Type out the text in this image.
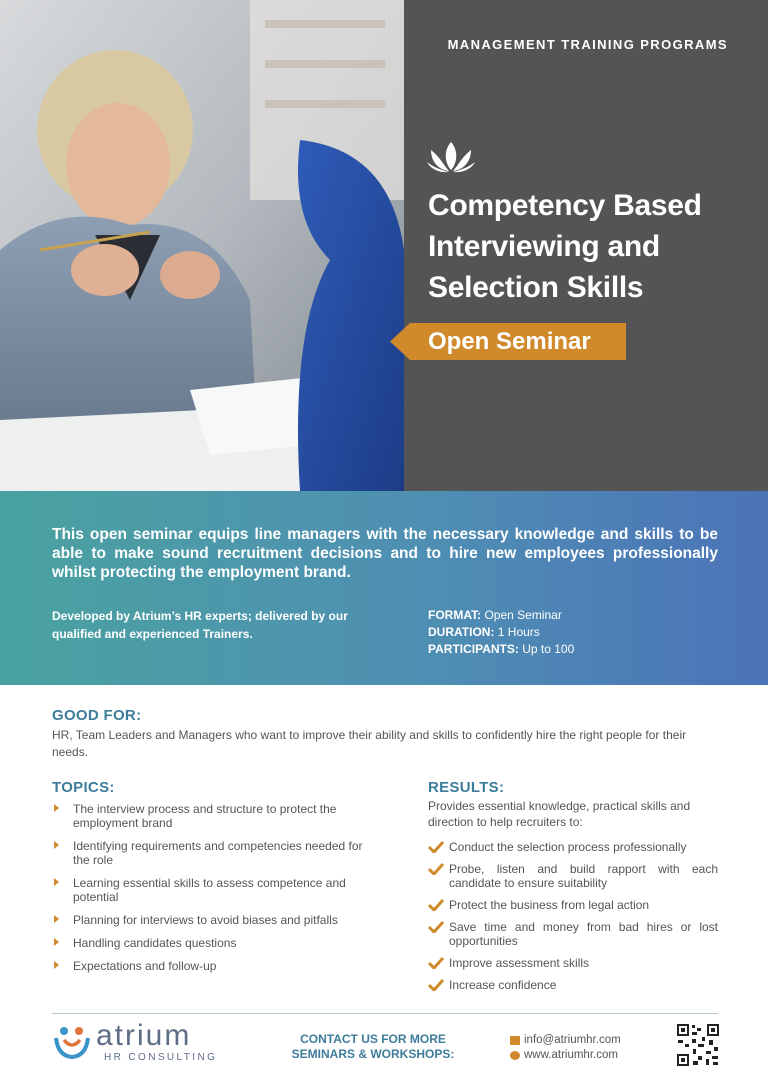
MANAGEMENT TRAINING PROGRAMS
Competency Based Interviewing and Selection Skills
Open Seminar
This open seminar equips line managers with the necessary knowledge and skills to be able to make sound recruitment decisions and to hire new employees professionally whilst protecting the employment brand.
Developed by Atrium’s HR experts; delivered by our qualified and experienced Trainers.
FORMAT: Open Seminar
DURATION: 1 Hours
PARTICIPANTS: Up to 100
GOOD FOR:
HR, Team Leaders and Managers who want to improve their ability and skills to confidently hire the right people for their needs.
TOPICS:
The interview process and structure to protect the employment brand
Identifying requirements and competencies needed for the role
Learning essential skills to assess competence and potential
Planning for interviews to avoid biases and pitfalls
Handling candidates questions
Expectations and follow-up
RESULTS:
Provides essential knowledge, practical skills and direction to help recruiters to:
Conduct the selection process professionally
Probe, listen and build rapport with each candidate to ensure suitability
Protect the business from legal action
Save time and money from bad hires or lost opportunities
Improve assessment skills
Increase confidence
atrium
HR CONSULTING
CONTACT US FOR MORE
SEMINARS & WORKSHOPS:
info@atriumhr.com
www.atriumhr.com
